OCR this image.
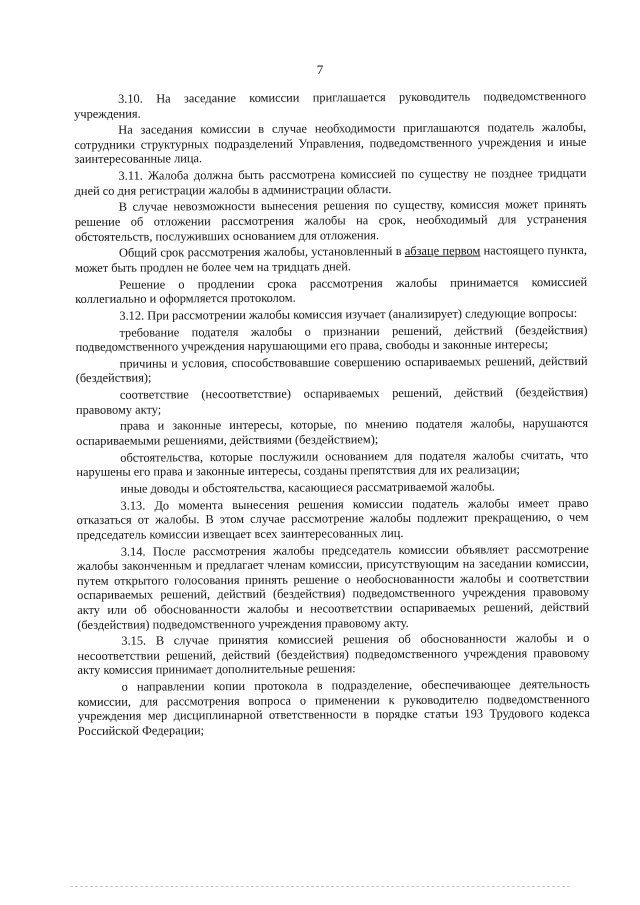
7

3.10. На заседание комиссии приглашается руководитель подведомственного учреждения.

На заседания комиссии в случае необходимости приглашаются податель жалобы, сотрудники структурных подразделений Управления, подведомственного учреждения и иные заинтересованные лица.

3.11. Жалоба должна быть рассмотрена комиссией по существу не позднее тридцати дней со дня регистрации жалобы в администрации области.

В случае невозможности вынесения решения по существу, комиссия может принять решение об отложении рассмотрения жалобы на срок, необходимый для устранения обстоятельств, послуживших основанием для отложения.

Общий срок рассмотрения жалобы, установленный в абзаце первом настоящего пункта, может быть продлен не более чем на тридцать дней.

Решение о продлении срока рассмотрения жалобы принимается комиссией коллегиально и оформляется протоколом.

3.12. При рассмотрении жалобы комиссия изучает (анализирует) следующие вопросы:

требование подателя жалобы о признании решений, действий (бездействия) подведомственного учреждения нарушающими его права, свободы и законные интересы;

причины и условия, способствовавшие совершению оспариваемых решений, действий (бездействия);

соответствие (несоответствие) оспариваемых решений, действий (бездействия) правовому акту;

права и законные интересы, которые, по мнению подателя жалобы, нарушаются оспариваемыми решениями, действиями (бездействием);

обстоятельства, которые послужили основанием для подателя жалобы считать, что нарушены его права и законные интересы, созданы препятствия для их реализации;

иные доводы и обстоятельства, касающиеся рассматриваемой жалобы.

3.13. До момента вынесения решения комиссии податель жалобы имеет право отказаться от жалобы. В этом случае рассмотрение жалобы подлежит прекращению, о чем председатель комиссии извещает всех заинтересованных лиц.

3.14. После рассмотрения жалобы председатель комиссии объявляет рассмотрение жалобы законченным и предлагает членам комиссии, присутствующим на заседании комиссии, путем открытого голосования принять решение о необоснованности жалобы и соответствии оспариваемых решений, действий (бездействия) подведомственного учреждения правовому акту или об обоснованности жалобы и несоответствии оспариваемых решений, действий (бездействия) подведомственного учреждения правовому акту.

3.15. В случае принятия комиссией решения об обоснованности жалобы и о несоответствии решений, действий (бездействия) подведомственного учреждения правовому акту комиссия принимает дополнительные решения:

о направлении копии протокола в подразделение, обеспечивающее деятельность комиссии, для рассмотрения вопроса о применении к руководителю подведомственного учреждения мер дисциплинарной ответственности в порядке статьи 193 Трудового кодекса Российской Федерации;
